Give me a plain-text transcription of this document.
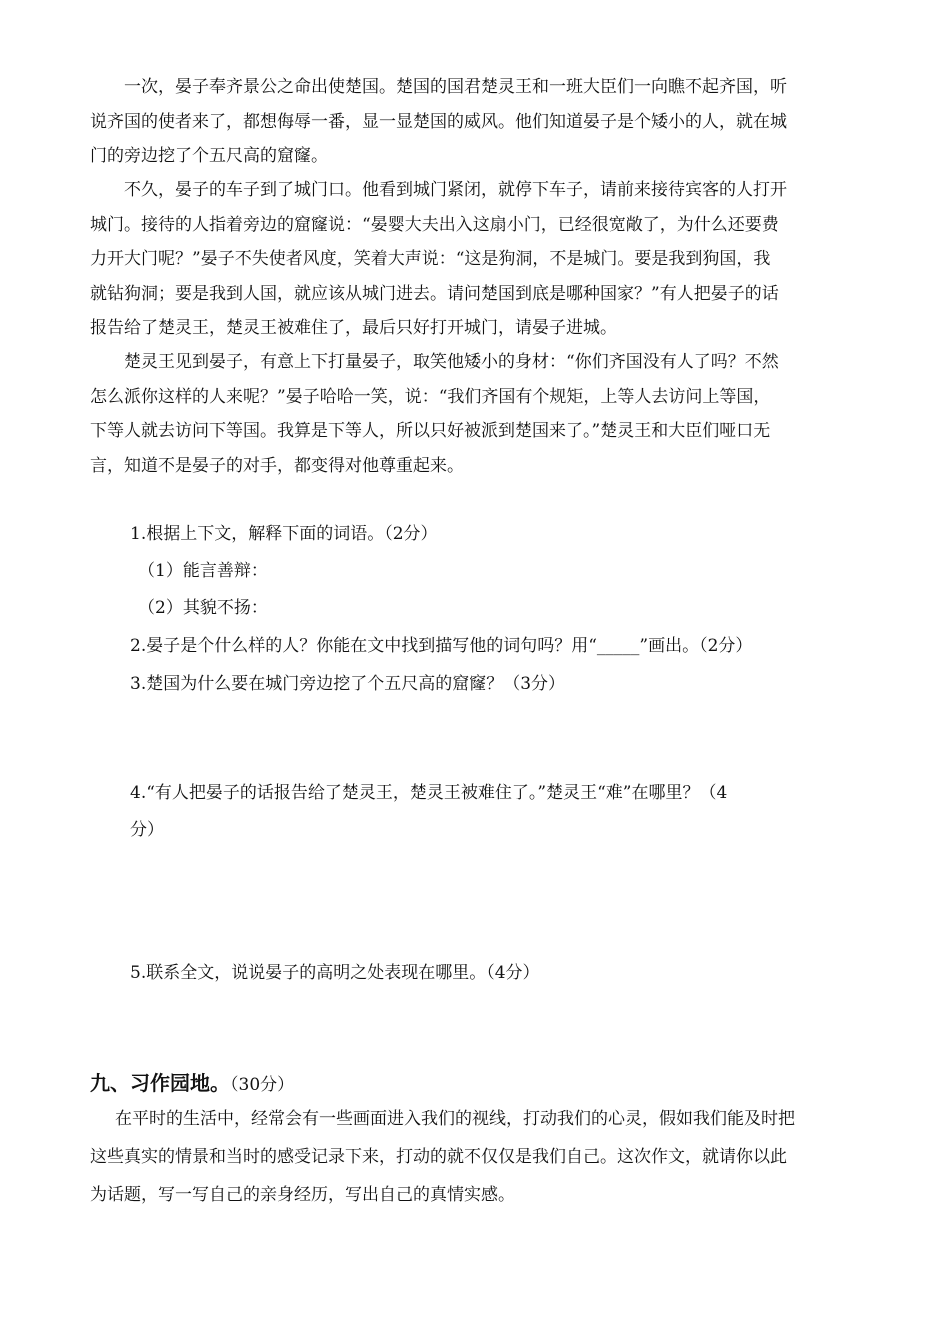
一次，晏子奉齐景公之命出使楚国。楚国的国君楚灵王和一班大臣们一向瞧不起齐国，听
说齐国的使者来了，都想侮辱一番，显一显楚国的威风。他们知道晏子是个矮小的人，就在城
门的旁边挖了个五尺高的窟窿。
不久，晏子的车子到了城门口。他看到城门紧闭，就停下车子，请前来接待宾客的人打开
城门。接待的人指着旁边的窟窿说：“晏婴大夫出入这扇小门，已经很宽敞了，为什么还要费
力开大门呢？”晏子不失使者风度，笑着大声说：“这是狗洞，不是城门。要是我到狗国，我
就钻狗洞；要是我到人国，就应该从城门进去。请问楚国到底是哪种国家？”有人把晏子的话
报告给了楚灵王，楚灵王被难住了，最后只好打开城门，请晏子进城。
楚灵王见到晏子，有意上下打量晏子，取笑他矮小的身材：“你们齐国没有人了吗？不然
怎么派你这样的人来呢？”晏子哈哈一笑，说：“我们齐国有个规矩，上等人去访问上等国，
下等人就去访问下等国。我算是下等人，所以只好被派到楚国来了。”楚灵王和大臣们哑口无
言，知道不是晏子的对手，都变得对他尊重起来。
1.根据上下文，解释下面的词语。（2分）
（1）能言善辩：
（2）其貌不扬：
2.晏子是个什么样的人？你能在文中找到描写他的词句吗？用“_____”画出。（2分）
3.楚国为什么要在城门旁边挖了个五尺高的窟窿？（3分）
4.“有人把晏子的话报告给了楚灵王，楚灵王被难住了。”楚灵王“难”在哪里？（4
分）
5.联系全文，说说晏子的高明之处表现在哪里。（4分）
九、习作园地。（30分）
在平时的生活中，经常会有一些画面进入我们的视线，打动我们的心灵，假如我们能及时把
这些真实的情景和当时的感受记录下来，打动的就不仅仅是我们自己。这次作文，就请你以此
为话题，写一写自己的亲身经历，写出自己的真情实感。
